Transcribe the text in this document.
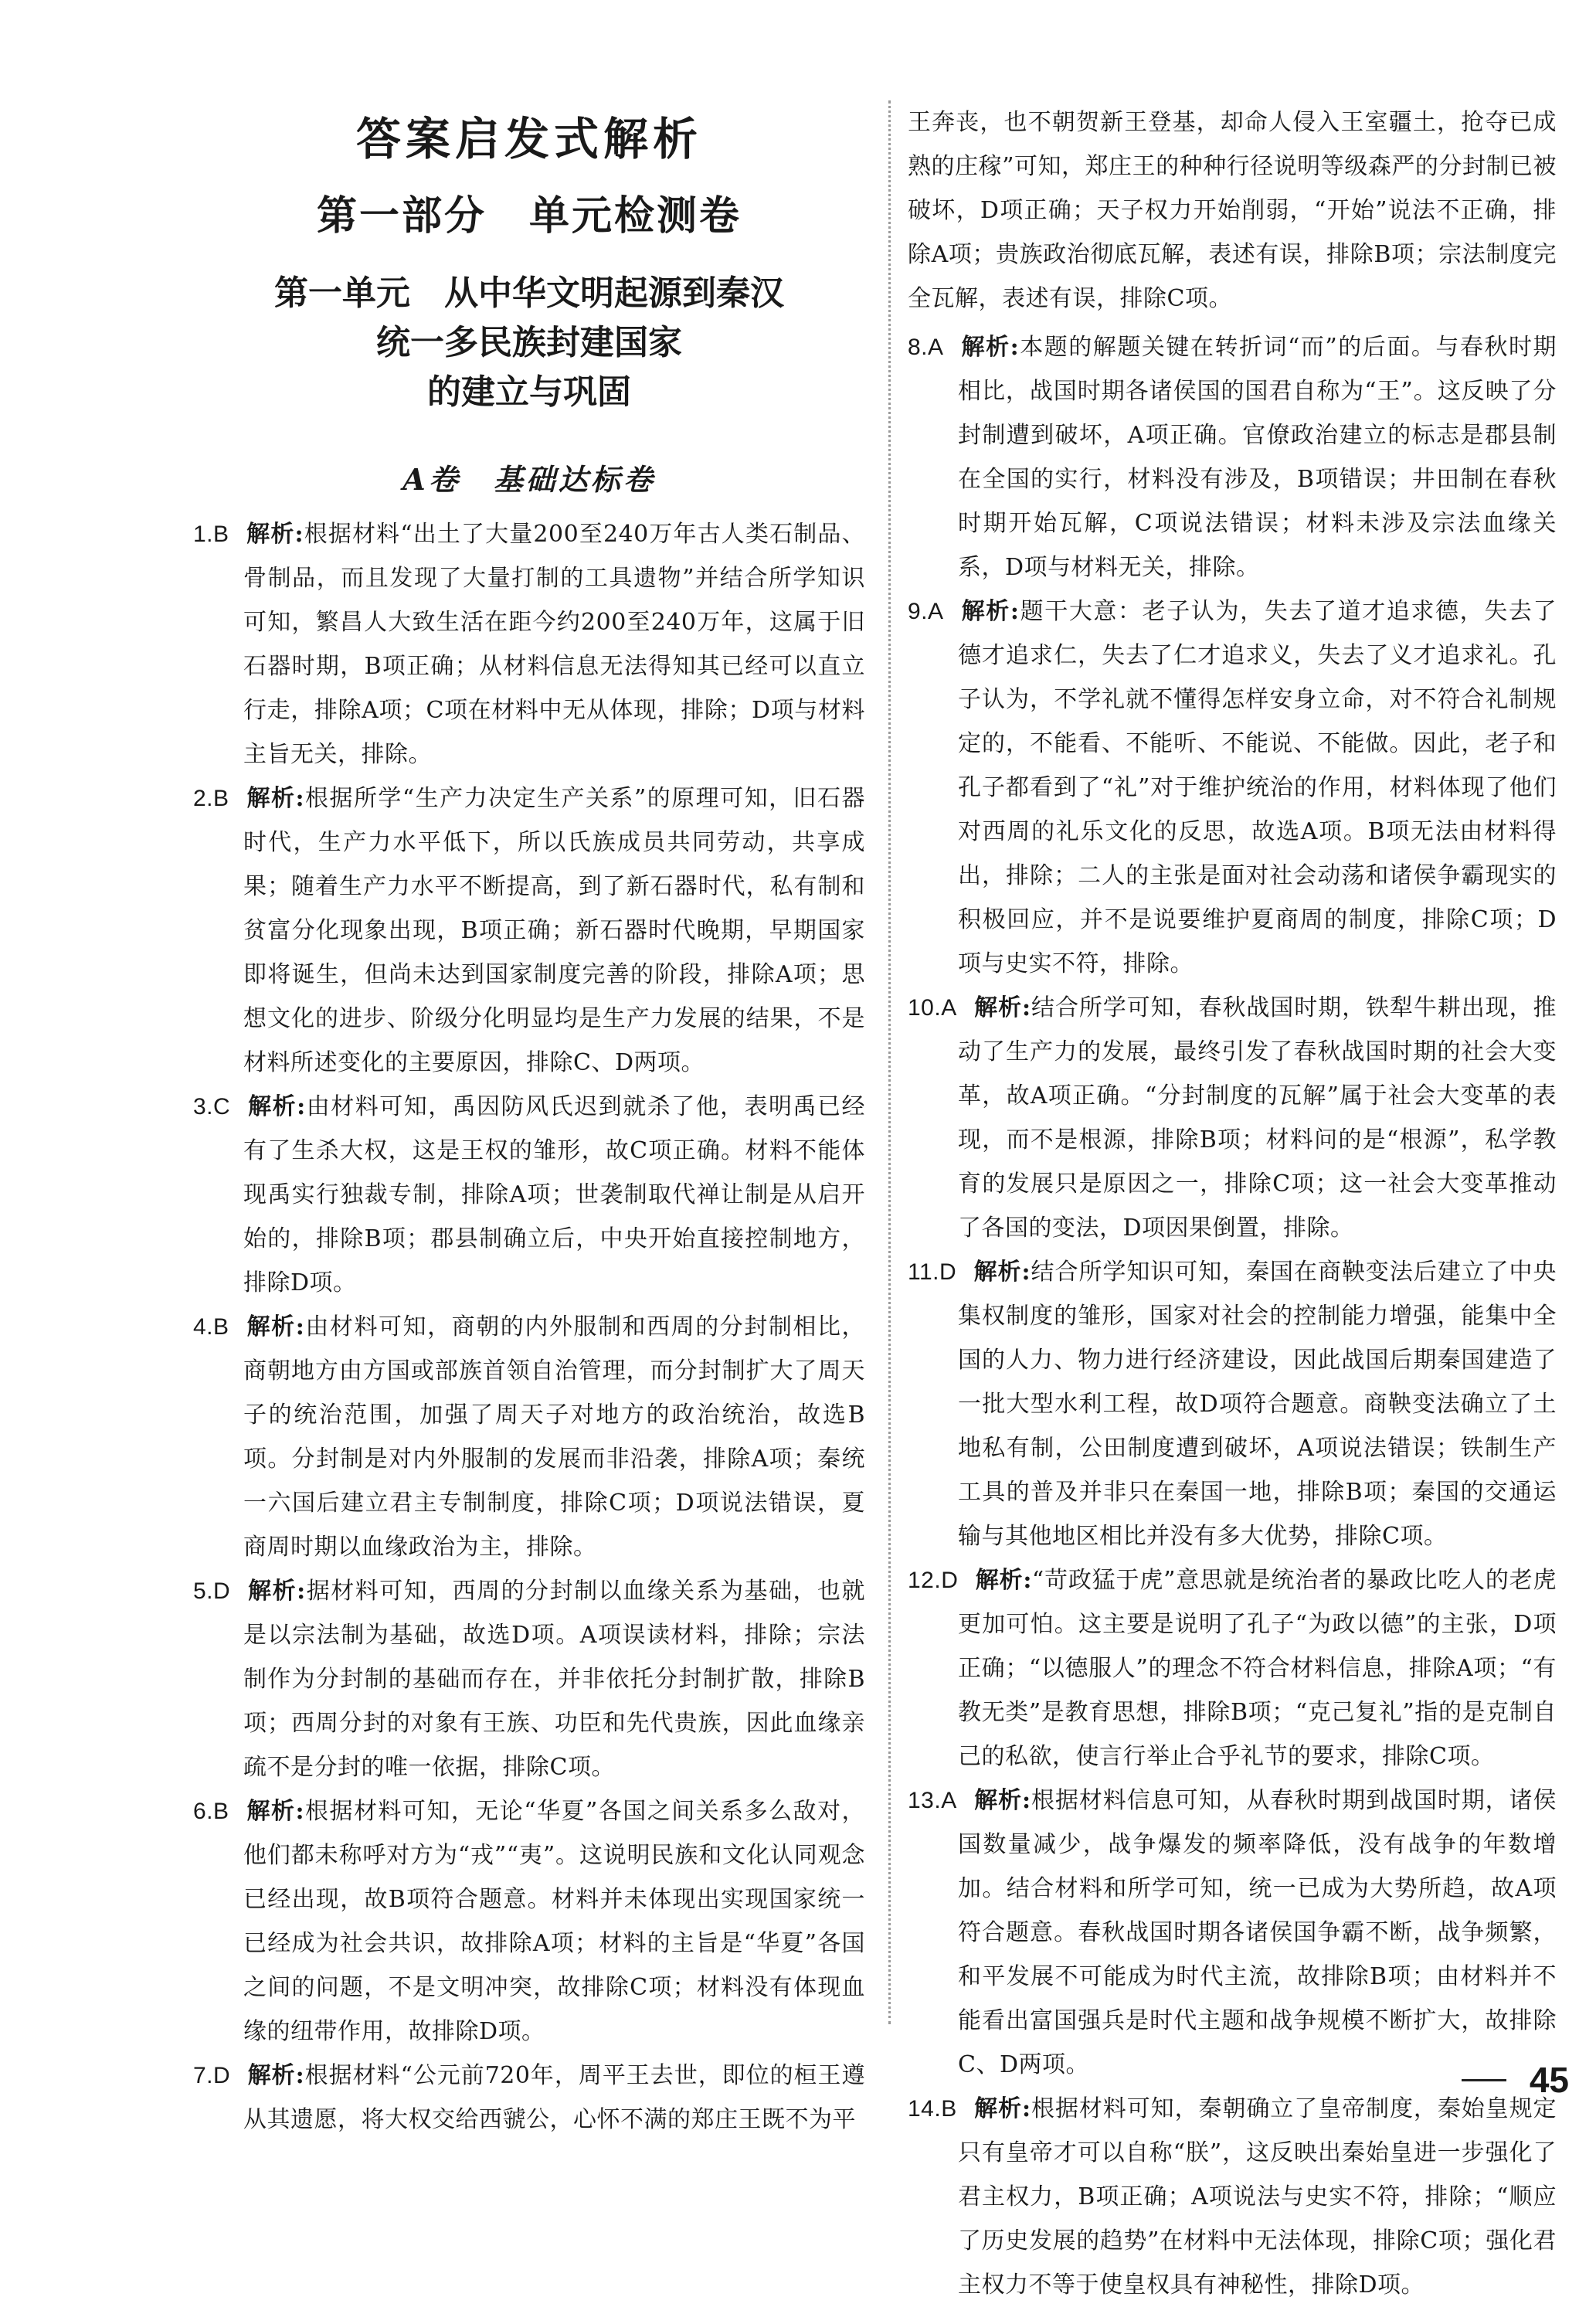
答案启发式解析
第一部分　单元检测卷
第一单元　从中华文明起源到秦汉
统一多民族封建国家
的建立与巩固
A卷　基础达标卷

1.B 解析 : 根据材料“出土了大量200至240万年古人类石制品、骨制品，而且发现了大量打制的工具遗物”并结合所学知识可知，繁昌人大致生活在距今约200至240万年，这属于旧石器时期，B项正确；从材料信息无法得知其已经可以直立行走，排除A项；C项在材料中无从体现，排除；D项与材料主旨无关，排除。

2.B 解析 : 根据所学“生产力决定生产关系”的原理可知，旧石器时代，生产力水平低下，所以氏族成员共同劳动，共享成果；随着生产力水平不断提高，到了新石器时代，私有制和贫富分化现象出现，B项正确；新石器时代晚期，早期国家即将诞生，但尚未达到国家制度完善的阶段，排除A项；思想文化的进步、阶级分化明显均是生产力发展的结果，不是材料所述变化的主要原因，排除C、D两项。

3.C 解析 : 由材料可知，禹因防风氏迟到就杀了他，表明禹已经有了生杀大权，这是王权的雏形，故C项正确。材料不能体现禹实行独裁专制，排除A项；世袭制取代禅让制是从启开始的，排除B项；郡县制确立后，中央开始直接控制地方，排除D项。

4.B 解析 : 由材料可知，商朝的内外服制和西周的分封制相比，商朝地方由方国或部族首领自治管理，而分封制扩大了周天子的统治范围，加强了周天子对地方的政治统治，故选B项。分封制是对内外服制的发展而非沿袭，排除A项；秦统一六国后建立君主专制制度，排除C项；D项说法错误，夏商周时期以血缘政治为主，排除。

5.D 解析 : 据材料可知，西周的分封制以血缘关系为基础，也就是以宗法制为基础，故选D项。A项误读材料，排除；宗法制作为分封制的基础而存在，并非依托分封制扩散，排除B项；西周分封的对象有王族、功臣和先代贵族，因此血缘亲疏不是分封的唯一依据，排除C项。

6.B 解析 : 根据材料可知，无论“华夏”各国之间关系多么敌对，他们都未称呼对方为“戎”“夷”。这说明民族和文化认同观念已经出现，故B项符合题意。材料并未体现出实现国家统一已经成为社会共识，故排除A项；材料的主旨是“华夏”各国之间的问题，不是文明冲突，故排除C项；材料没有体现血缘的纽带作用，故排除D项。

7.D 解析 : 根据材料“公元前720年，周平王去世，即位的桓王遵从其遗愿，将大权交给西虢公，心怀不满的郑庄王既不为平

王奔丧，也不朝贺新王登基，却命人侵入王室疆土，抢夺已成熟的庄稼”可知，郑庄王的种种行径说明等级森严的分封制已被破坏，D项正确；天子权力开始削弱，“开始”说法不正确，排除A项；贵族政治彻底瓦解，表述有误，排除B项；宗法制度完全瓦解，表述有误，排除C项。

8.A 解析 : 本题的解题关键在转折词“而”的后面。与春秋时期相比，战国时期各诸侯国的国君自称为“王”。这反映了分封制遭到破坏，A项正确。官僚政治建立的标志是郡县制在全国的实行，材料没有涉及，B项错误；井田制在春秋时期开始瓦解，C项说法错误；材料未涉及宗法血缘关系，D项与材料无关，排除。

9.A 解析 : 题干大意：老子认为，失去了道才追求德，失去了德才追求仁，失去了仁才追求义，失去了义才追求礼。孔子认为，不学礼就不懂得怎样安身立命，对不符合礼制规定的，不能看、不能听、不能说、不能做。因此，老子和孔子都看到了“礼”对于维护统治的作用，材料体现了他们对西周的礼乐文化的反思，故选A项。B项无法由材料得出，排除；二人的主张是面对社会动荡和诸侯争霸现实的积极回应，并不是说要维护夏商周的制度，排除C项；D项与史实不符，排除。

10.A 解析 : 结合所学可知，春秋战国时期，铁犁牛耕出现，推动了生产力的发展，最终引发了春秋战国时期的社会大变革，故A项正确。“分封制度的瓦解”属于社会大变革的表现，而不是根源，排除B项；材料问的是“根源”，私学教育的发展只是原因之一，排除C项；这一社会大变革推动了各国的变法，D项因果倒置，排除。

11.D 解析 : 结合所学知识可知，秦国在商鞅变法后建立了中央集权制度的雏形，国家对社会的控制能力增强，能集中全国的人力、物力进行经济建设，因此战国后期秦国建造了一批大型水利工程，故D项符合题意。商鞅变法确立了土地私有制，公田制度遭到破坏，A项说法错误；铁制生产工具的普及并非只在秦国一地，排除B项；秦国的交通运输与其他地区相比并没有多大优势，排除C项。

12.D 解析 : “苛政猛于虎”意思就是统治者的暴政比吃人的老虎更加可怕。这主要是说明了孔子“为政以德”的主张，D项正确；“以德服人”的理念不符合材料信息，排除A项；“有教无类”是教育思想，排除B项；“克己复礼”指的是克制自己的私欲，使言行举止合乎礼节的要求，排除C项。

13.A 解析 : 根据材料信息可知，从春秋时期到战国时期，诸侯国数量减少，战争爆发的频率降低，没有战争的年数增加。结合材料和所学可知，统一已成为大势所趋，故A项符合题意。春秋战国时期各诸侯国争霸不断，战争频繁，和平发展不可能成为时代主流，故排除B项；由材料并不能看出富国强兵是时代主题和战争规模不断扩大，故排除C、D两项。

14.B 解析 : 根据材料可知，秦朝确立了皇帝制度，秦始皇规定只有皇帝才可以自称“朕”，这反映出秦始皇进一步强化了君主权力，B项正确；A项说法与史实不符，排除；“顺应了历史发展的趋势”在材料中无法体现，排除C项；强化君主权力不等于使皇权具有神秘性，排除D项。

45
